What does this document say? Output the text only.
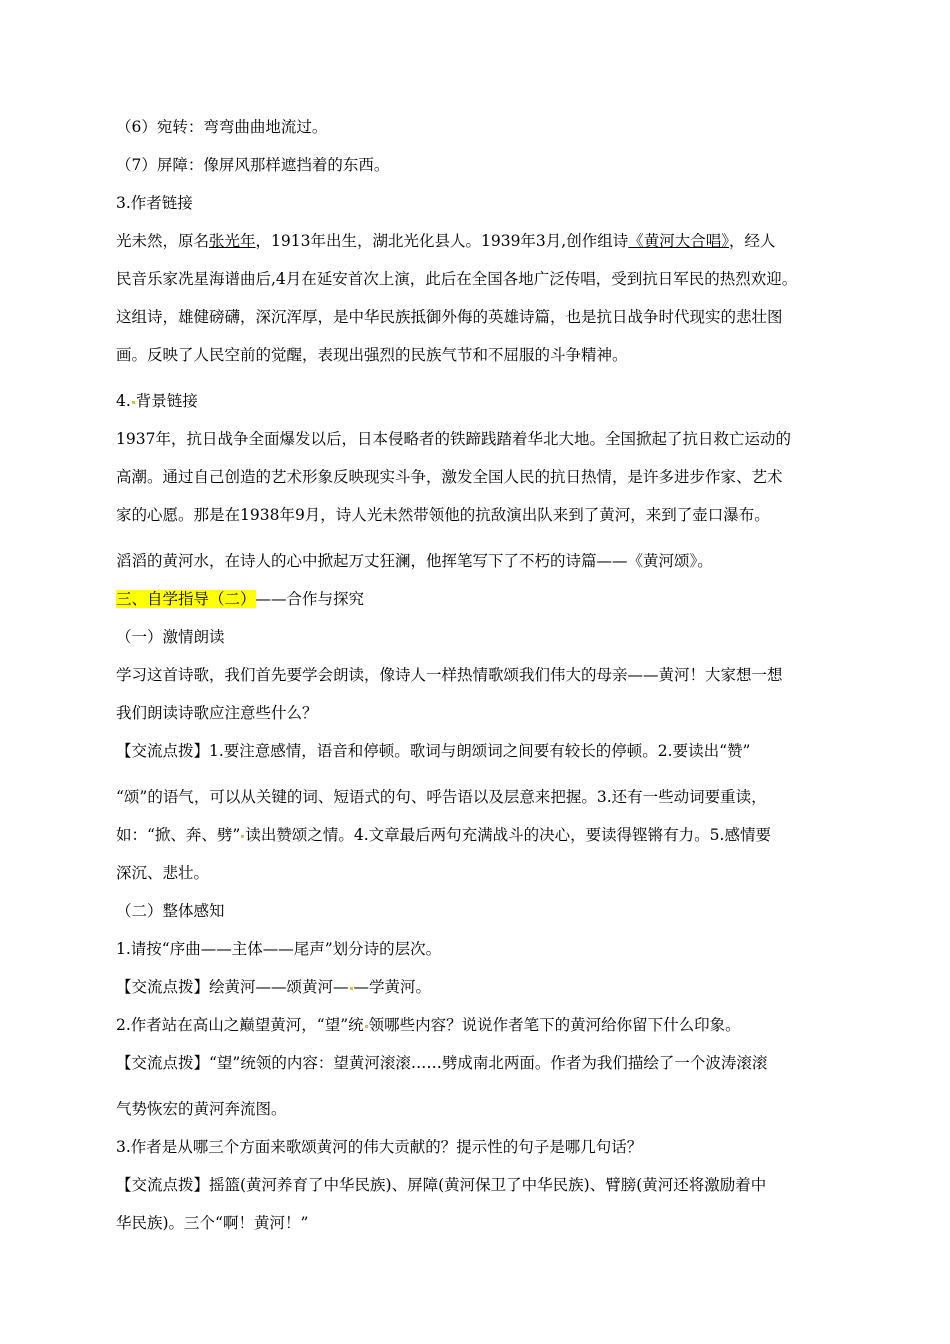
（6）宛转：弯弯曲曲地流过。
（7）屏障：像屏风那样遮挡着的东西。
3.作者链接
光未然，原名张光年，1913年出生，湖北光化县人。1939年3月,创作组诗《黄河大合唱》，经人
民音乐家冼星海谱曲后,4月在延安首次上演，此后在全国各地广泛传唱，受到抗日军民的热烈欢迎。
这组诗，雄健磅礴，深沉浑厚，是中华民族抵御外侮的英雄诗篇，也是抗日战争时代现实的悲壮图
画。反映了人民空前的觉醒，表现出强烈的民族气节和不屈服的斗争精神。
4. 背景链接
1937年，抗日战争全面爆发以后，日本侵略者的铁蹄践踏着华北大地。全国掀起了抗日救亡运动的
高潮。通过自己创造的艺术形象反映现实斗争，激发全国人民的抗日热情，是许多进步作家、艺术
家的心愿。那是在1938年9月，诗人光未然带领他的抗敌演出队来到了黄河，来到了壶口瀑布。
滔滔的黄河水，在诗人的心中掀起万丈狂澜，他挥笔写下了不朽的诗篇——《黄河颂》。
三、自学指导（二）——合作与探究
（一）激情朗读
学习这首诗歌，我们首先要学会朗读，像诗人一样热情歌颂我们伟大的母亲——黄河！大家想一想
我们朗读诗歌应注意些什么？
【交流点拨】1.要注意感情，语音和停顿。歌词与朗颂词之间要有较长的停顿。2.要读出“赞”
“颂”的语气，可以从关键的词、短语式的句、呼告语以及层意来把握。3.还有一些动词要重读，
如：“掀、奔、劈” 读出赞颂之情。4.文章最后两句充满战斗的决心，要读得铿锵有力。5.感情要
深沉、悲壮。
（二）整体感知
1.请按“序曲——主体——尾声”划分诗的层次。
【交流点拨】绘黄河——颂黄河— —学黄河。
2.作者站在高山之巅望黄河，“望”统 领哪些内容？说说作者笔下的黄河给你留下什么印象。
【交流点拨】“望”统领的内容：望黄河滚滚……劈成南北两面。作者为我们描绘了一个波涛滚滚
气势恢宏的黄河奔流图。
3.作者是从哪三个方面来歌颂黄河的伟大贡献的？提示性的句子是哪几句话？
【交流点拨】摇篮(黄河养育了中华民族)、屏障(黄河保卫了中华民族)、臂膀(黄河还将激励着中
华民族)。三个“啊！黄河！”
